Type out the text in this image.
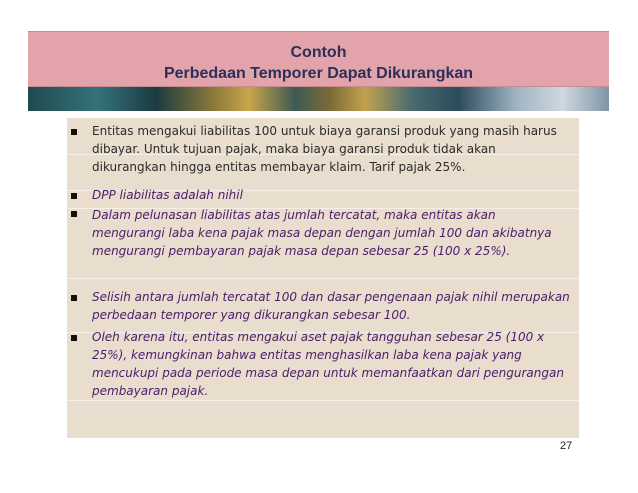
Contoh
Perbedaan Temporer Dapat Dikurangkan
Entitas mengakui liabilitas 100 untuk biaya garansi produk yang masih harus dibayar. Untuk tujuan pajak, maka biaya garansi produk tidak akan dikurangkan hingga entitas membayar klaim. Tarif pajak 25%.
DPP liabilitas adalah nihil
Dalam pelunasan liabilitas atas jumlah tercatat, maka entitas akan mengurangi laba kena pajak masa depan dengan jumlah 100 dan akibatnya mengurangi pembayaran pajak masa depan sebesar 25 (100 x 25%).
Selisih antara jumlah tercatat 100 dan dasar pengenaan pajak nihil merupakan perbedaan temporer yang dikurangkan sebesar 100.
Oleh karena itu, entitas mengakui aset pajak tangguhan sebesar 25 (100 x 25%), kemungkinan bahwa entitas menghasilkan laba kena pajak yang mencukupi pada periode masa depan untuk memanfaatkan dari pengurangan pembayaran pajak.
27
